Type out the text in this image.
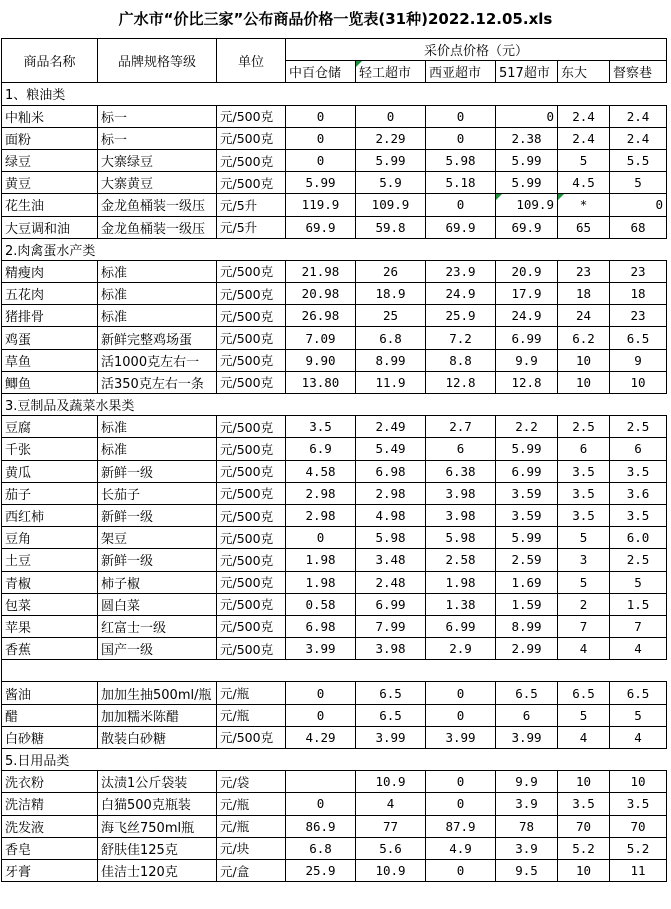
广水市“价比三家”公布商品价格一览表(31种)2022.12.05.xls
商品名称	品牌规格等级	单位	采价点价格（元）					
			中百仓储	轻工超市	西亚超市	517超市	东大	督察巷
1、粮油类								
中籼米	标一	元/500克	0	0	0	0	2.4	2.4
面粉	标一	元/500克	0	2.29	0	2.38	2.4	2.4
绿豆	大寨绿豆	元/500克	0	5.99	5.98	5.99	5	5.5
黄豆	大寨黄豆	元/500克	5.99	5.9	5.18	5.99	4.5	5
花生油	金龙鱼桶装一级压	元/5升	119.9	109.9	0	109.9	*	0
大豆调和油	金龙鱼桶装一级压	元/5升	69.9	59.8	69.9	69.9	65	68
2.肉禽蛋水产类								
精瘦肉	标准	元/500克	21.98	26	23.9	20.9	23	23
五花肉	标准	元/500克	20.98	18.9	24.9	17.9	18	18
猪排骨	标准	元/500克	26.98	25	25.9	24.9	24	23
鸡蛋	新鲜完整鸡场蛋	元/500克	7.09	6.8	7.2	6.99	6.2	6.5
草鱼	活1000克左右一	元/500克	9.90	8.99	8.8	9.9	10	9
鲫鱼	活350克左右一条	元/500克	13.80	11.9	12.8	12.8	10	10
3.豆制品及蔬菜水果类								
豆腐	标准	元/500克	3.5	2.49	2.7	2.2	2.5	2.5
千张	标准	元/500克	6.9	5.49	6	5.99	6	6
黄瓜	新鲜一级	元/500克	4.58	6.98	6.38	6.99	3.5	3.5
茄子	长茄子	元/500克	2.98	2.98	3.98	3.59	3.5	3.6
西红柿	新鲜一级	元/500克	2.98	4.98	3.98	3.59	3.5	3.5
豆角	架豆	元/500克	0	5.98	5.98	5.99	5	6.0
土豆	新鲜一级	元/500克	1.98	3.48	2.58	2.59	3	2.5
青椒	柿子椒	元/500克	1.98	2.48	1.98	1.69	5	5
包菜	圆白菜	元/500克	0.58	6.99	1.38	1.59	2	1.5
苹果	红富士一级	元/500克	6.98	7.99	6.99	8.99	7	7
香蕉	国产一级	元/500克	3.99	3.98	2.9	2.99	4	4

酱油	加加生抽500ml/瓶	元/瓶	0	6.5	0	6.5	6.5	6.5
醋	加加糯米陈醋	元/瓶	0	6.5	0	6	5	5
白砂糖	散装白砂糖	元/500克	4.29	3.99	3.99	3.99	4	4
5.日用品类								
洗衣粉	汰渍1公斤袋装	元/袋		10.9	0	9.9	10	10
洗洁精	白猫500克瓶装	元/瓶	0	4	0	3.9	3.5	3.5
洗发液	海飞丝750ml瓶	元/瓶	86.9	77	87.9	78	70	70
香皂	舒肤佳125克	元/块	6.8	5.6	4.9	3.9	5.2	5.2
牙膏	佳洁士120克	元/盒	25.9	10.9	0	9.5	10	11
